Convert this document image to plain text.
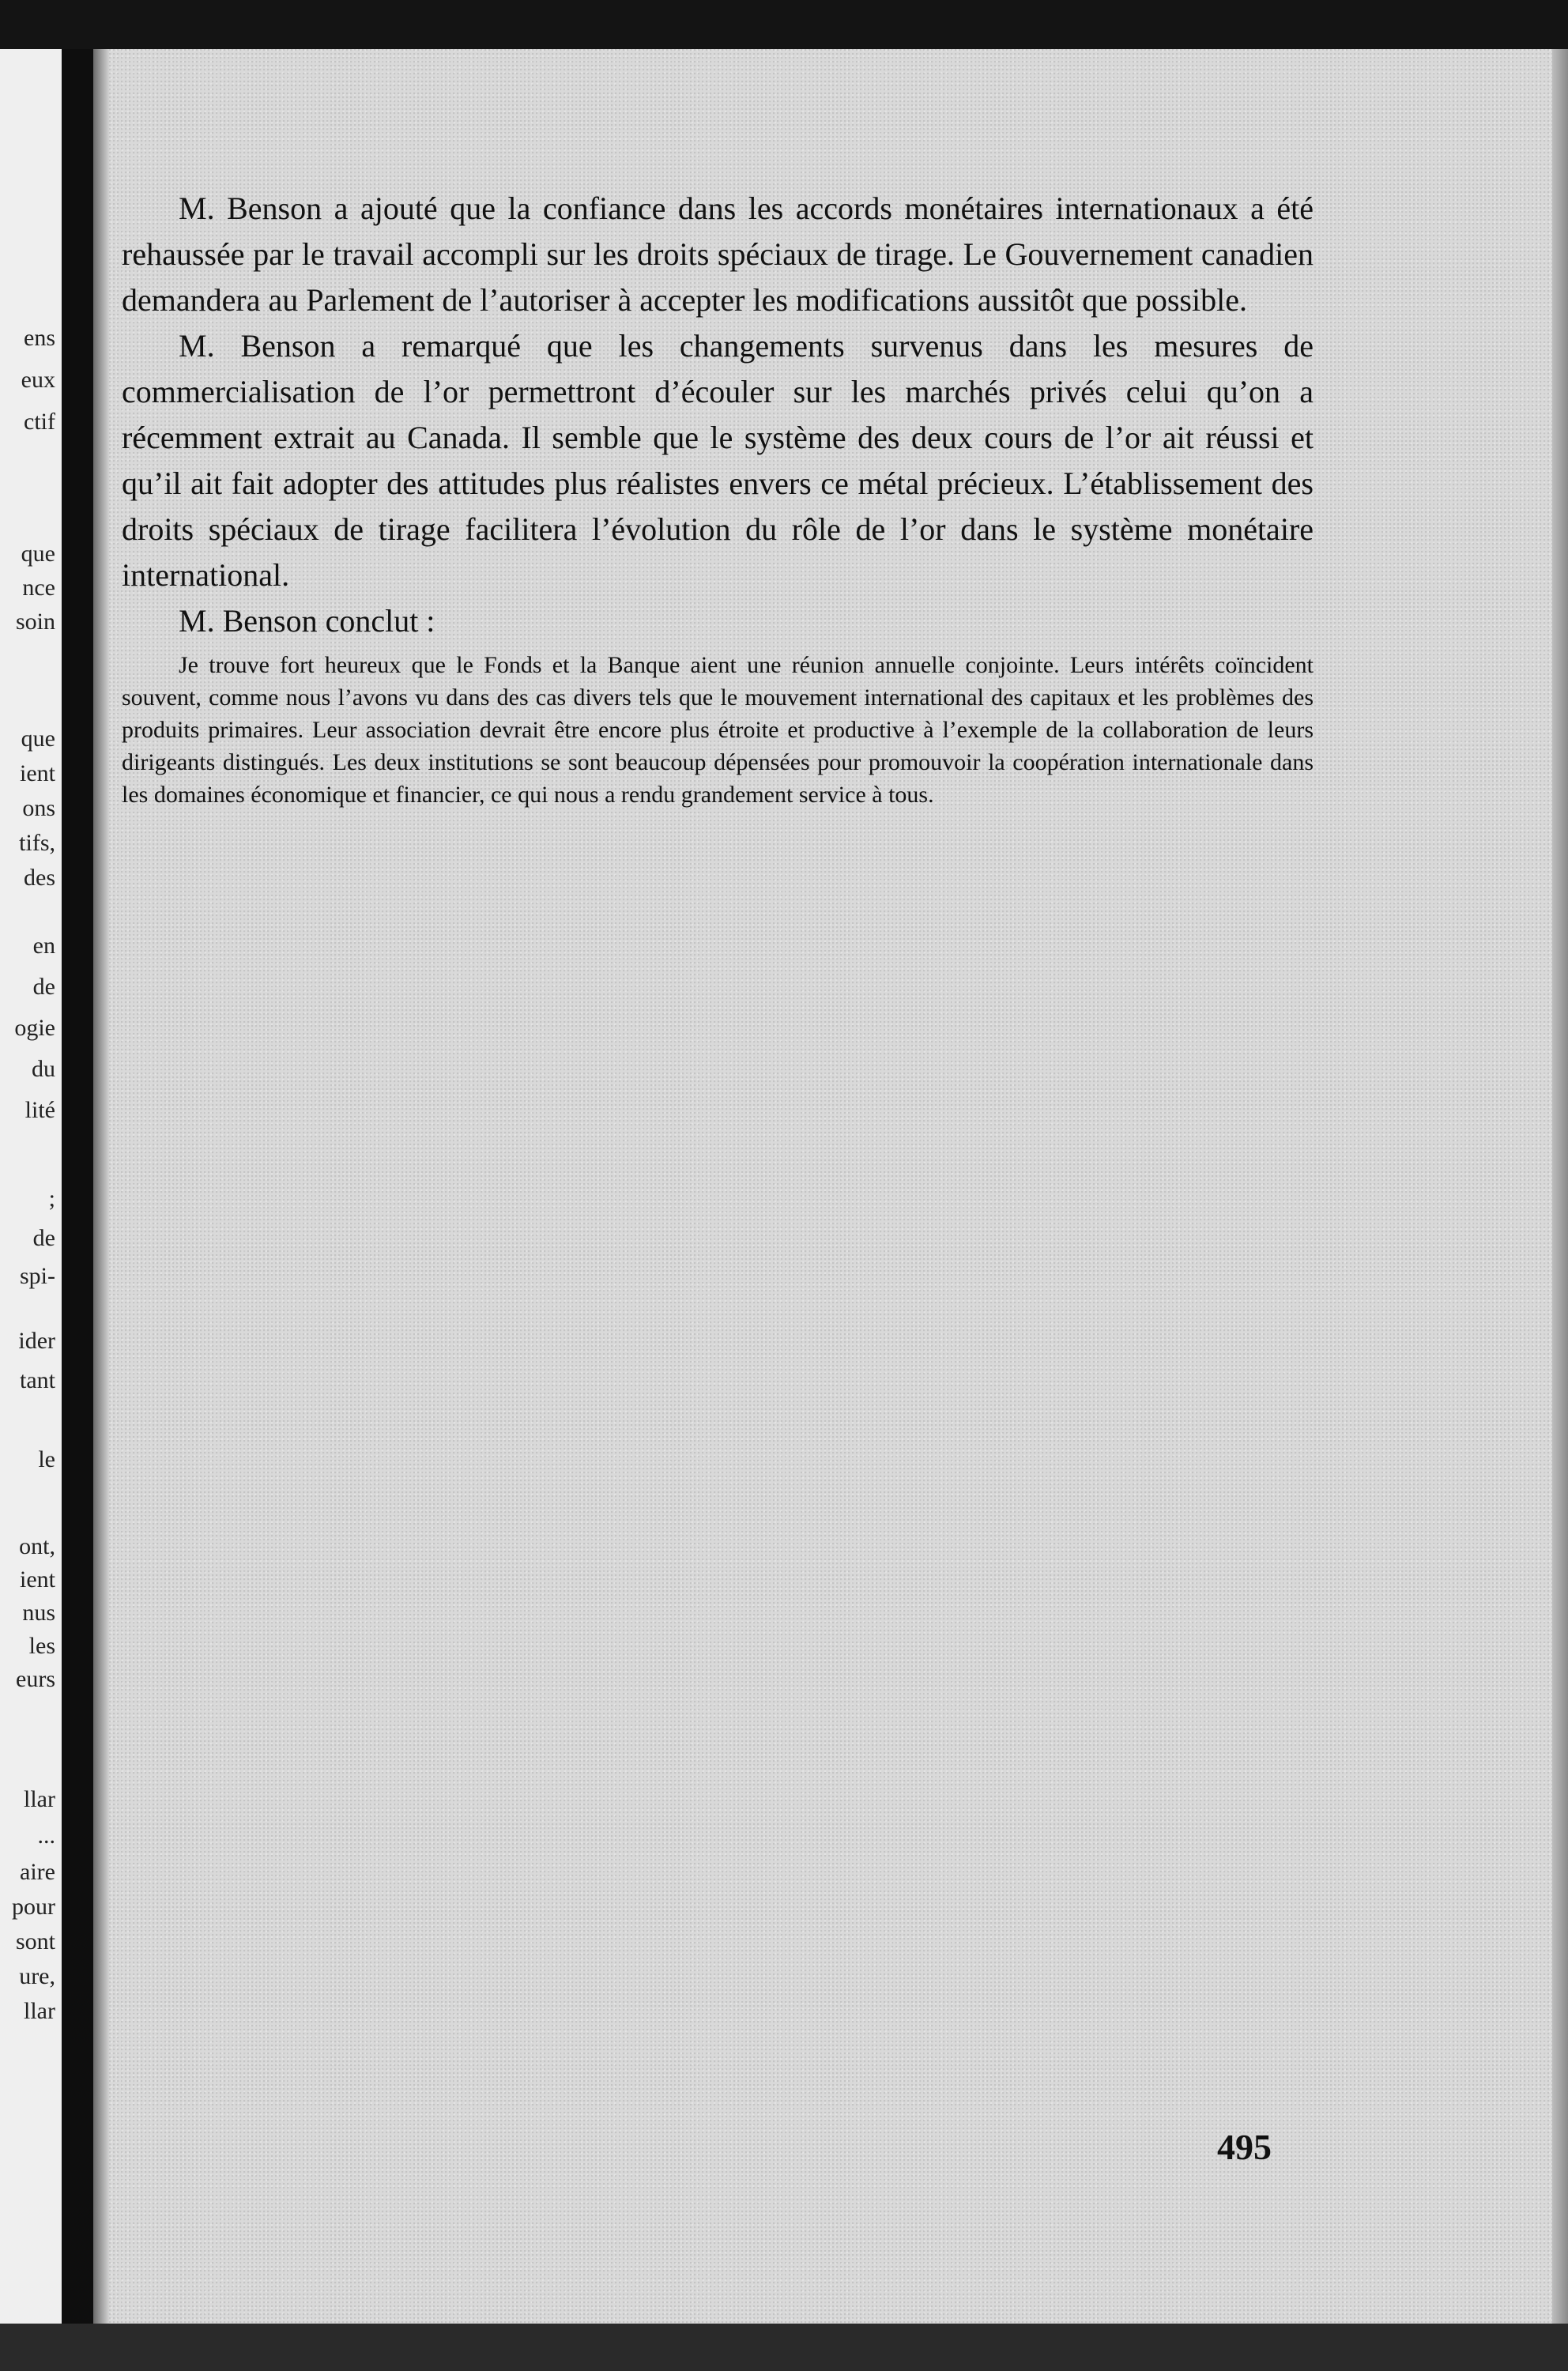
ens
eux
ctif
que
nce
soin
que
ient
ons
tifs,
des
en
de
ogie
du
lité
;
de
spi-
ider
tant
le
ont,
ient
nus
les
eurs
llar
...
aire
pour
sont
ure,
llar

M. Benson a ajouté que la confiance dans les accords monétaires internationaux a été rehaussée par le travail accompli sur les droits spéciaux de tirage. Le Gouvernement canadien demandera au Parlement de l’autoriser à accepter les modifications aussitôt que possible.

M. Benson a remarqué que les changements survenus dans les mesures de commercialisation de l’or permettront d’écouler sur les marchés privés celui qu’on a récemment extrait au Canada. Il semble que le système des deux cours de l’or ait réussi et qu’il ait fait adopter des attitudes plus réalistes envers ce métal précieux. L’établissement des droits spéciaux de tirage facilitera l’évolution du rôle de l’or dans le système monétaire international.

M. Benson conclut :

Je trouve fort heureux que le Fonds et la Banque aient une réunion annuelle conjointe. Leurs intérêts coïncident souvent, comme nous l’avons vu dans des cas divers tels que le mouvement international des capitaux et les problèmes des produits primaires. Leur association devrait être encore plus étroite et productive à l’exemple de la collaboration de leurs dirigeants distingués. Les deux institutions se sont beaucoup dépensées pour promouvoir la coopération internationale dans les domaines économique et financier, ce qui nous a rendu grandement service à tous.

495
